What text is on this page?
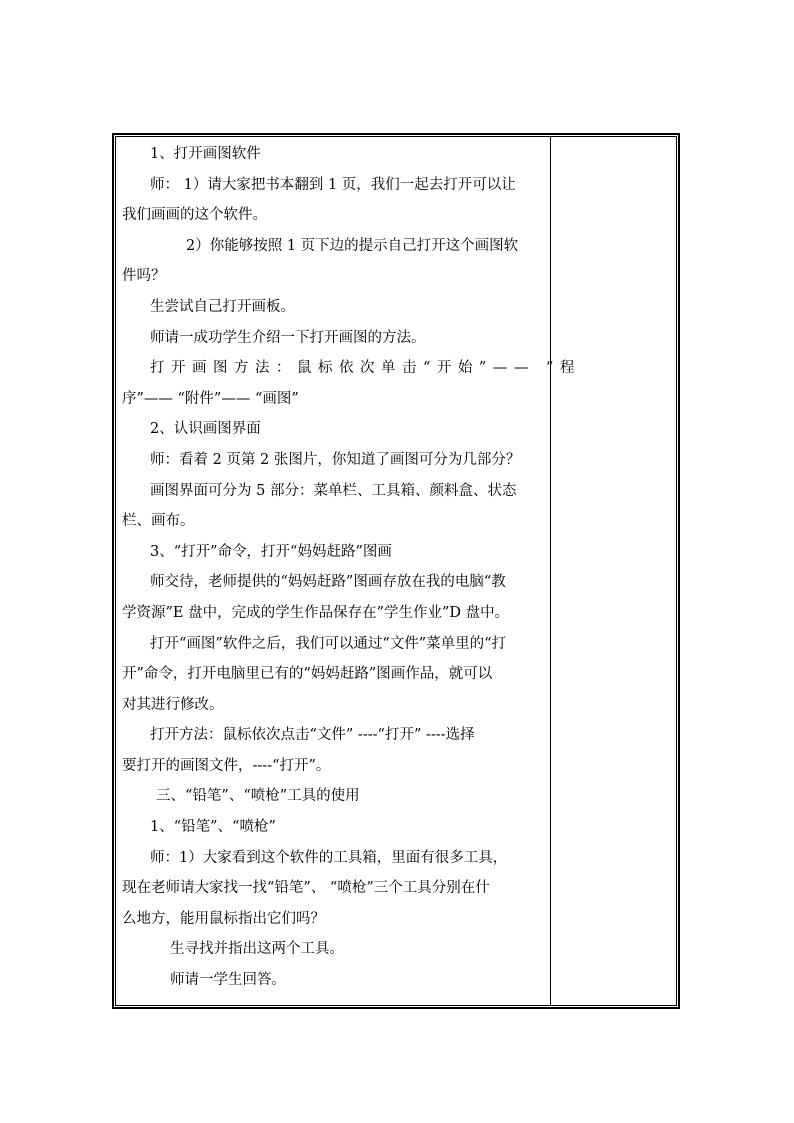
1、打开画图软件

师： 1）请大家把书本翻到 1 页，我们一起去打开可以让

我们画画的这个软件。

2）你能够按照 1 页下边的提示自己打开这个画图软

件吗？

生尝试自己打开画板。

师请一成功学生介绍一下打开画图的方法。

打开画图方法：鼠标依次单击“开始”—— “程

序”—— “附件”—— “画图”

2、认识画图界面

师：看着 2 页第 2 张图片，你知道了画图可分为几部分？

画图界面可分为 5 部分：菜单栏、工具箱、颜料盒、状态

栏、画布。

3、“打开”命令，打开“妈妈赶路”图画

师交待，老师提供的“妈妈赶路”图画存放在我的电脑“教

学资源”E 盘中，完成的学生作品保存在”学生作业”D 盘中。

打开“画图”软件之后，我们可以通过“文件”菜单里的“打

开”命令，打开电脑里已有的“妈妈赶路”图画作品，就可以

对其进行修改。

打开方法：鼠标依次点击“文件” ----“打开” ----选择

要打开的画图文件，----“打开”。

三、“铅笔”、“喷枪”工具的使用

1、“铅笔”、“喷枪”

师：1）大家看到这个软件的工具箱，里面有很多工具，

现在老师请大家找一找“铅笔”、 “喷枪”三个工具分别在什

么地方，能用鼠标指出它们吗？

生寻找并指出这两个工具。

师请一学生回答。
